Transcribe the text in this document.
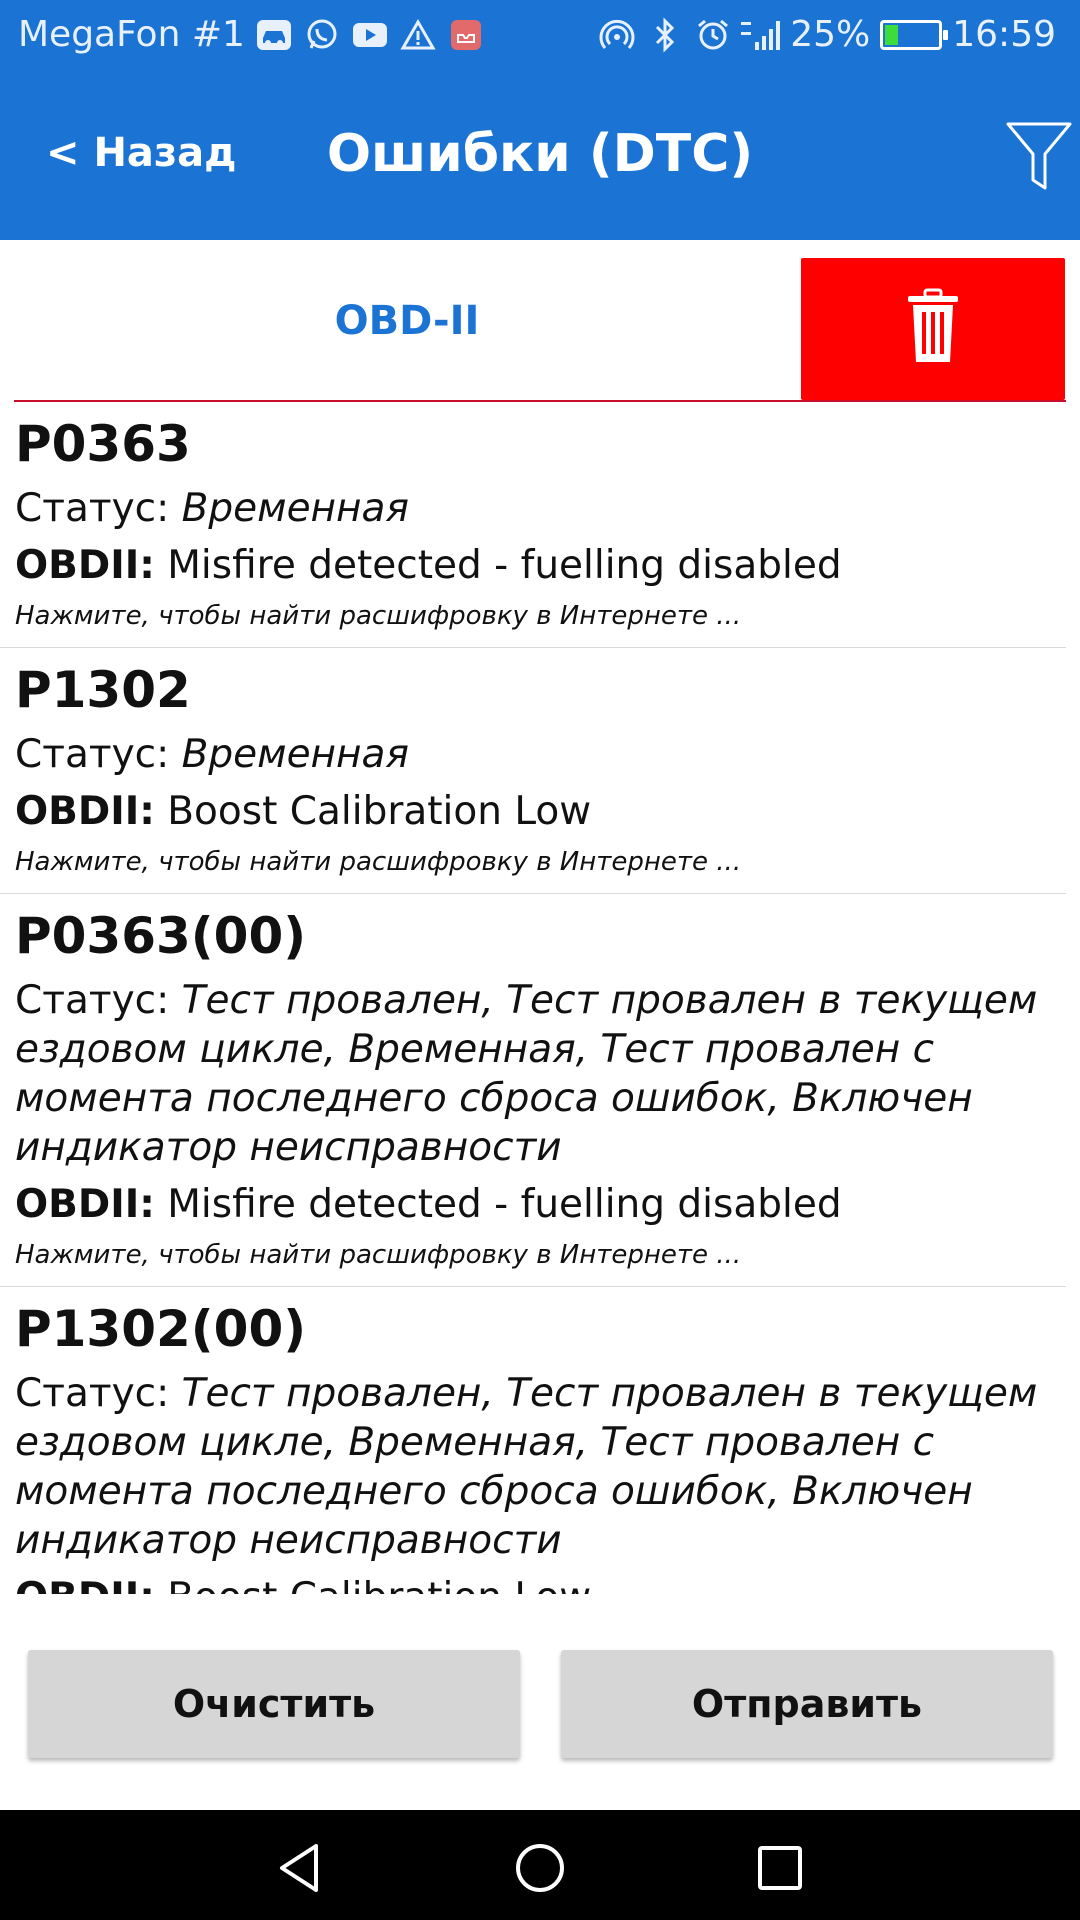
MegaFon #1	25% 16:59
< Назад	Ошибки (DTC)
OBD-II
P0363
Статус: Временная
OBDII: Misfire detected - fuelling disabled
Нажмите, чтобы найти расшифровку в Интернете ...
P1302
Статус: Временная
OBDII: Boost Calibration Low
Нажмите, чтобы найти расшифровку в Интернете ...
P0363(00)
Статус: Тест провален, Тест провален в текущем ездовом цикле, Временная, Тест провален с момента последнего сброса ошибок, Включен индикатор неисправности
OBDII: Misfire detected - fuelling disabled
Нажмите, чтобы найти расшифровку в Интернете ...
P1302(00)
Статус: Тест провален, Тест провален в текущем ездовом цикле, Временная, Тест провален с момента последнего сброса ошибок, Включен индикатор неисправности
Очистить	Отправить
